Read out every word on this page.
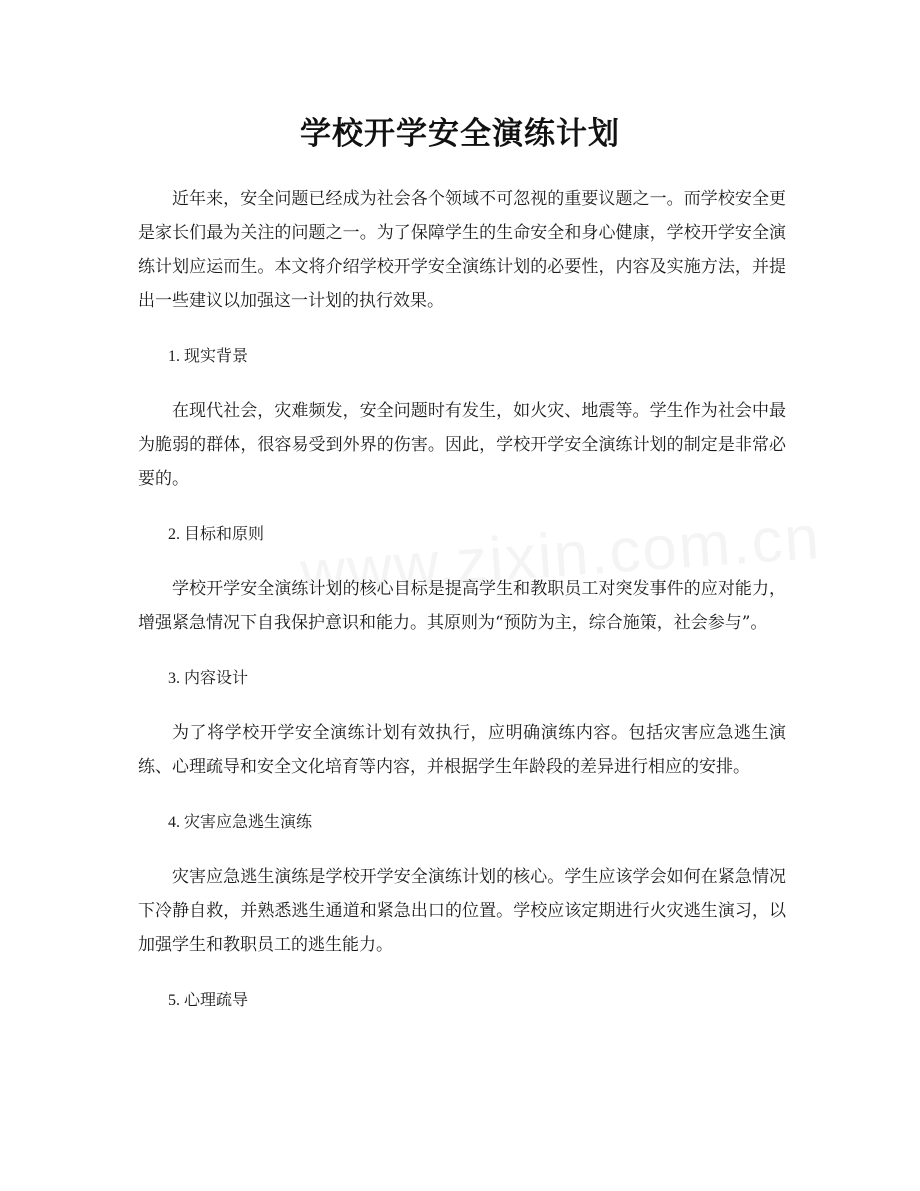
学校开学安全演练计划

近年来，安全问题已经成为社会各个领域不可忽视的重要议题之一。而学校安全更是家长们最为关注的问题之一。为了保障学生的生命安全和身心健康，学校开学安全演练计划应运而生。本文将介绍学校开学安全演练计划的必要性，内容及实施方法，并提出一些建议以加强这一计划的执行效果。

1. 现实背景

在现代社会，灾难频发，安全问题时有发生，如火灾、地震等。学生作为社会中最为脆弱的群体，很容易受到外界的伤害。因此，学校开学安全演练计划的制定是非常必要的。

2. 目标和原则

学校开学安全演练计划的核心目标是提高学生和教职员工对突发事件的应对能力，增强紧急情况下自我保护意识和能力。其原则为“预防为主，综合施策，社会参与”。

3. 内容设计

为了将学校开学安全演练计划有效执行，应明确演练内容。包括灾害应急逃生演练、心理疏导和安全文化培育等内容，并根据学生年龄段的差异进行相应的安排。

4. 灾害应急逃生演练

灾害应急逃生演练是学校开学安全演练计划的核心。学生应该学会如何在紧急情况下冷静自救，并熟悉逃生通道和紧急出口的位置。学校应该定期进行火灾逃生演习，以加强学生和教职员工的逃生能力。

5. 心理疏导
